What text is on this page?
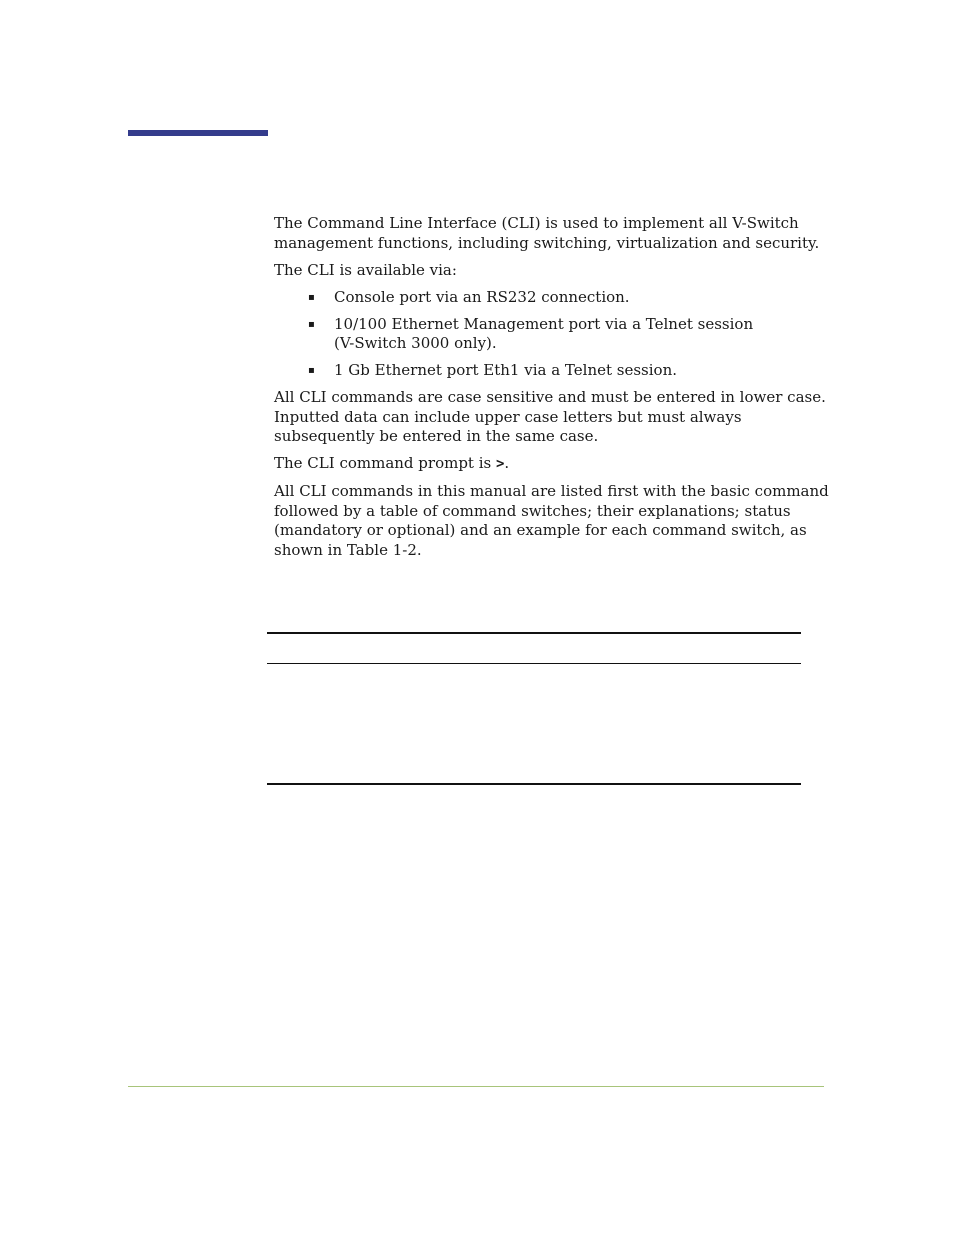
The Command Line Interface (CLI) is used to implement all V-Switch management functions, including switching, virtualization and security.

The CLI is available via:

▪ Console port via an RS232 connection.
▪ 10/100 Ethernet Management port via a Telnet session
(V-Switch 3000 only).
▪ 1 Gb Ethernet port Eth1 via a Telnet session.

All CLI commands are case sensitive and must be entered in lower case. Inputted data can include upper case letters but must always subsequently be entered in the same case.

The CLI command prompt is >.

All CLI commands in this manual are listed first with the basic command followed by a table of command switches; their explanations; status (mandatory or optional) and an example for each command switch, as shown in Table 1-2.
